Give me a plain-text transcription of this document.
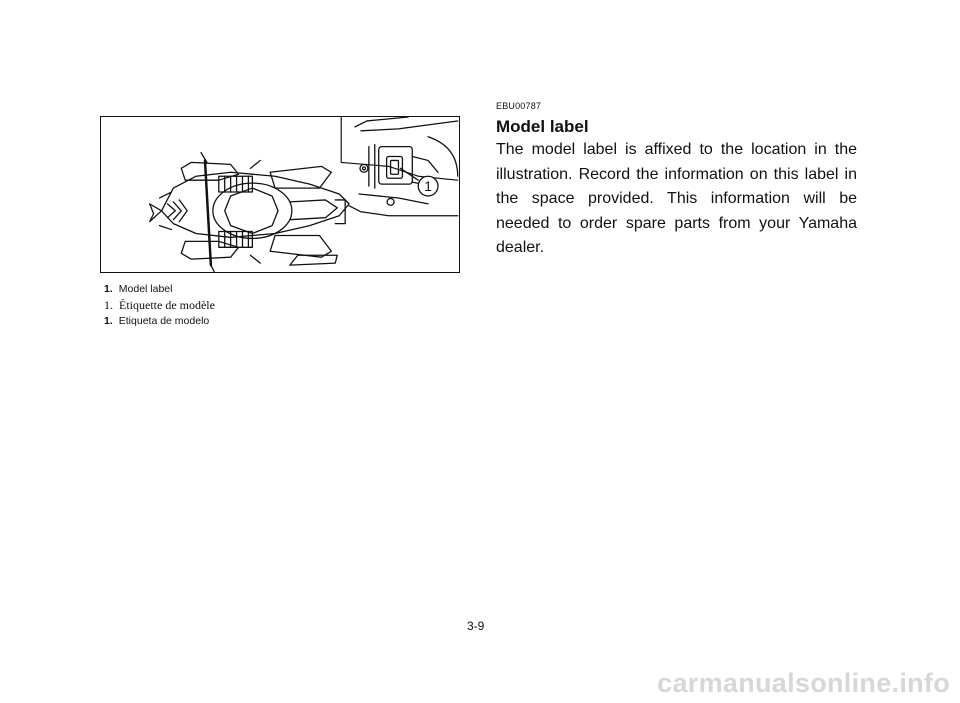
1
1. Model label
1. Étiquette de modèle
1. Etiqueta de modelo
EBU00787
Model label
The model label is affixed to the location in the illustration. Record the information on this label in the space provided. This information will be needed to order spare parts from your Yamaha dealer.
3-9
carmanualsonline.info
